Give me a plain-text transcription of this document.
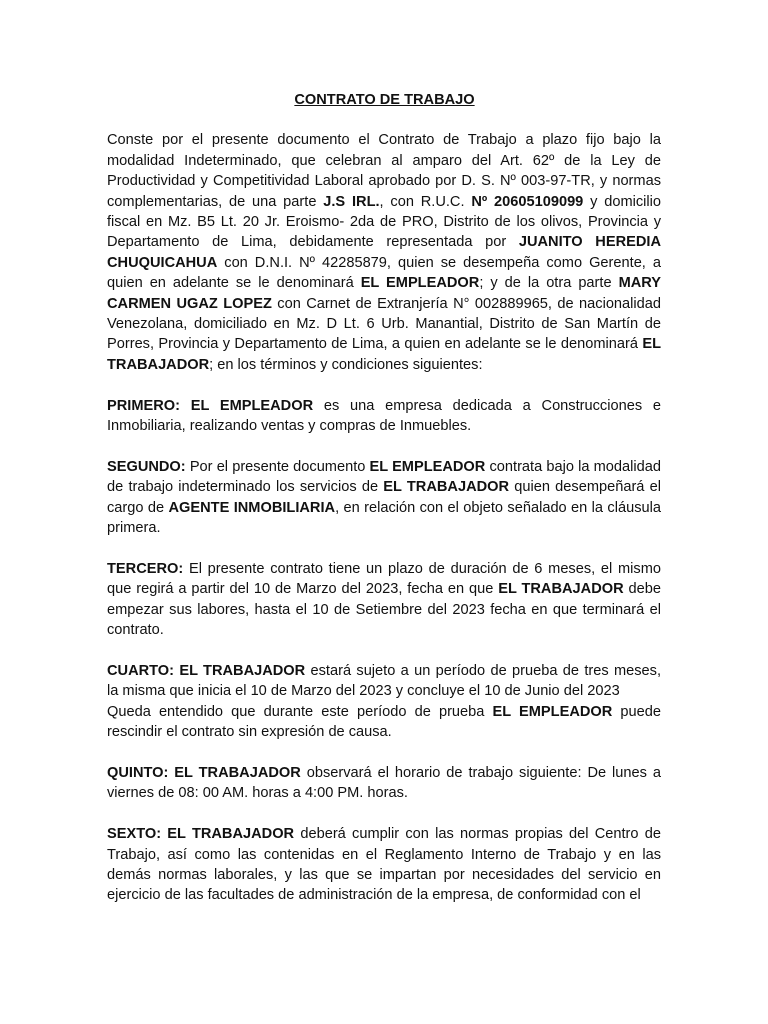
CONTRATO DE TRABAJO

Conste por el presente documento el Contrato de Trabajo a plazo fijo bajo la modalidad Indeterminado, que celebran al amparo del Art. 62º de la Ley de Productividad y Competitividad Laboral aprobado por D. S. Nº 003-97-TR, y normas complementarias, de una parte J.S IRL., con R.U.C. Nº 20605109099 y domicilio fiscal en Mz. B5 Lt. 20 Jr. Eroismo- 2da de PRO, Distrito de los olivos, Provincia y Departamento de Lima, debidamente representada por JUANITO HEREDIA CHUQUICAHUA con D.N.I. Nº 42285879, quien se desempeña como Gerente, a quien en adelante se le denominará EL EMPLEADOR; y de la otra parte MARY CARMEN UGAZ LOPEZ con Carnet de Extranjería N° 002889965, de nacionalidad Venezolana, domiciliado en Mz. D Lt. 6 Urb. Manantial, Distrito de San Martín de Porres, Provincia y Departamento de Lima, a quien en adelante se le denominará EL TRABAJADOR; en los términos y condiciones siguientes:

PRIMERO: EL EMPLEADOR es una empresa dedicada a Construcciones e Inmobiliaria, realizando ventas y compras de Inmuebles.

SEGUNDO: Por el presente documento EL EMPLEADOR contrata bajo la modalidad de trabajo indeterminado los servicios de EL TRABAJADOR quien desempeñará el cargo de AGENTE INMOBILIARIA, en relación con el objeto señalado en la cláusula primera.

TERCERO: El presente contrato tiene un plazo de duración de 6 meses, el mismo que regirá a partir del 10 de Marzo del 2023, fecha en que EL TRABAJADOR debe empezar sus labores, hasta el 10 de Setiembre del 2023 fecha en que terminará el contrato.

CUARTO: EL TRABAJADOR estará sujeto a un período de prueba de tres meses, la misma que inicia el 10 de Marzo del 2023 y concluye el 10 de Junio del 2023

Queda entendido que durante este período de prueba EL EMPLEADOR puede rescindir el contrato sin expresión de causa.

QUINTO: EL TRABAJADOR observará el horario de trabajo siguiente: De lunes a viernes de 08: 00 AM. horas a 4:00 PM. horas.

SEXTO: EL TRABAJADOR deberá cumplir con las normas propias del Centro de Trabajo, así como las contenidas en el Reglamento Interno de Trabajo y en las demás normas laborales, y las que se impartan por necesidades del servicio en ejercicio de las facultades de administración de la empresa, de conformidad con el
